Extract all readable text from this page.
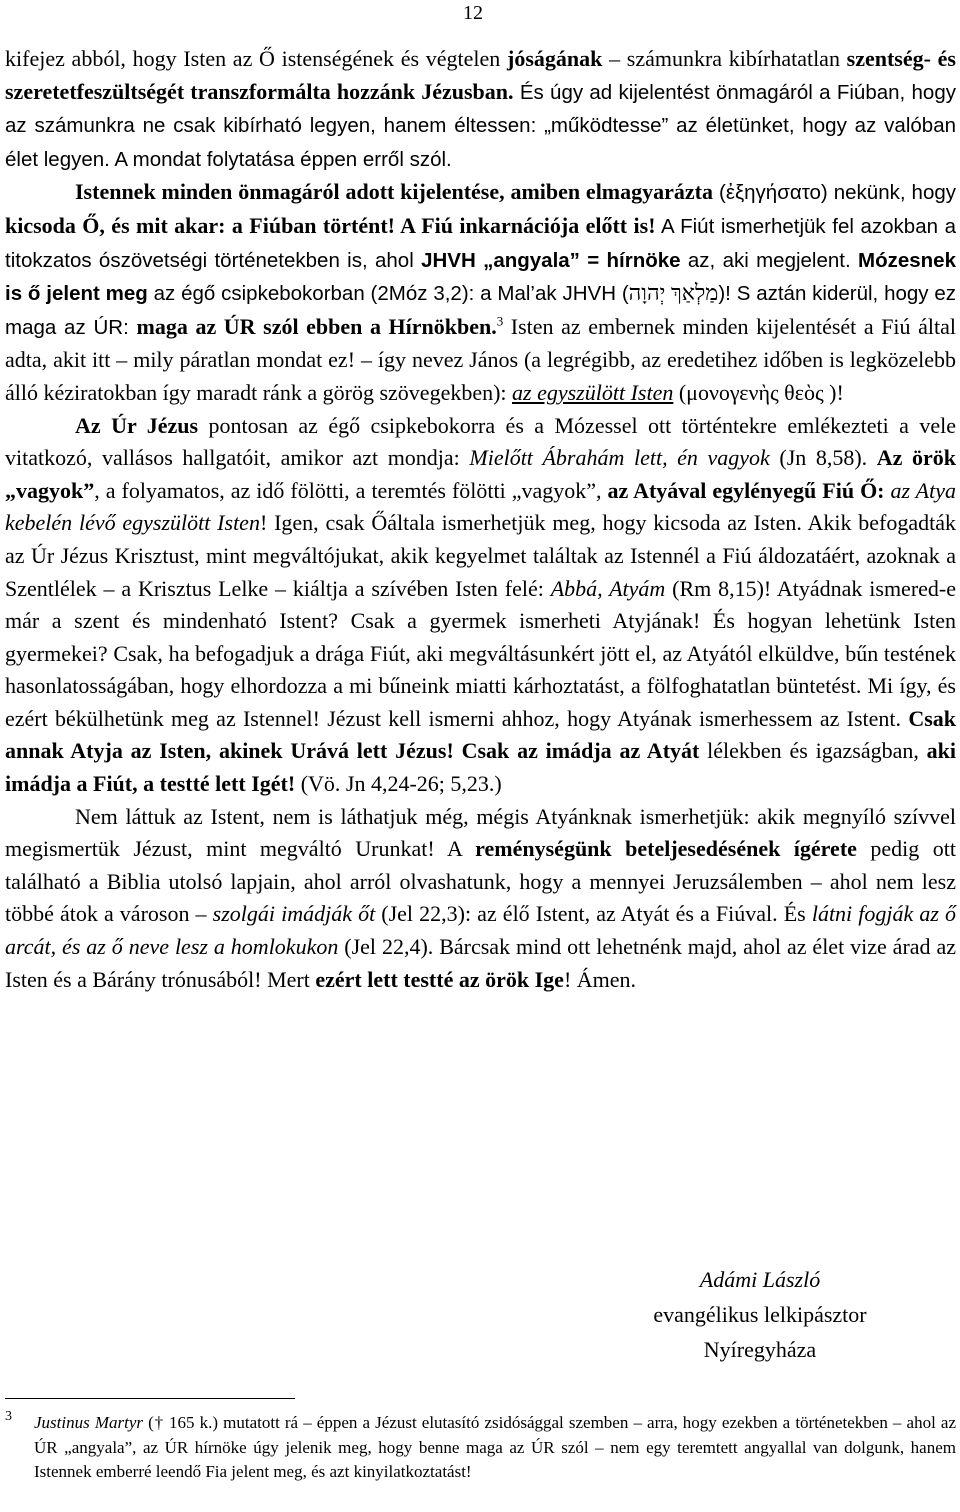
12

kifejez abból, hogy Isten az Ő istenségének és végtelen jóságának – számunkra kibírhatatlan szentség- és szeretetfeszültségét transzformálta hozzánk Jézusban. És úgy ad kijelentést önmagáról a Fiúban, hogy az számunkra ne csak kibírható legyen, hanem éltessen: „működtesse” az életünket, hogy az valóban élet legyen. A mondat folytatása éppen erről szól.

Istennek minden önmagáról adott kijelentése, amiben elmagyarázta (ἐξηγήσατο) nekünk, hogy kicsoda Ő, és mit akar: a Fiúban történt! A Fiú inkarnációja előtt is! A Fiút ismerhetjük fel azokban a titokzatos ószövetségi történetekben is, ahol JHVH „angyala” = hírnöke az, aki megjelent. Mózesnek is ő jelent meg az égő csipkebokorban (2Móz 3,2): a Mal’ak JHVH (מַלְאַךְ יְהוָה)! S aztán kiderül, hogy ez maga az ÚR: maga az ÚR szól ebben a Hírnökben.$^3$ Isten az embernek minden kijelentését a Fiú által adta, akit itt – mily páratlan mondat ez! – így nevez János (a legrégibb, az eredetihez időben is legközelebb álló kéziratokban így maradt ránk a görög szövegekben): az egyszülött Isten (μονογενὴς θεὸς )!

Az Úr Jézus pontosan az égő csipkebokorra és a Mózessel ott történtekre emlékezteti a vele vitatkozó, vallásos hallgatóit, amikor azt mondja: Mielőtt Ábrahám lett, én vagyok (Jn 8,58). Az örök „vagyok”, a folyamatos, az idő fölötti, a teremtés fölötti „vagyok”, az Atyával egylényegű Fiú Ő: az Atya kebelén lévő egyszülött Isten! Igen, csak Őáltala ismerhetjük meg, hogy kicsoda az Isten. Akik befogadták az Úr Jézus Krisztust, mint megváltójukat, akik kegyelmet találtak az Istennél a Fiú áldozatáért, azoknak a Szentlélek – a Krisztus Lelke – kiáltja a szívében Isten felé: Abbá, Atyám (Rm 8,15)! Atyádnak ismered-e már a szent és mindenható Istent? Csak a gyermek ismerheti Atyjának! És hogyan lehetünk Isten gyermekei? Csak, ha befogadjuk a drága Fiút, aki megváltásunkért jött el, az Atyától elküldve, bűn testének hasonlatosságában, hogy elhordozza a mi bűneink miatti kárhoztatást, a fölfoghatatlan büntetést. Mi így, és ezért békülhetünk meg az Istennel! Jézust kell ismerni ahhoz, hogy Atyának ismerhessem az Istent. Csak annak Atyja az Isten, akinek Urává lett Jézus! Csak az imádja az Atyát lélekben és igazságban, aki imádja a Fiút, a testté lett Igét! (Vö. Jn 4,24-26; 5,23.)

Nem láttuk az Istent, nem is láthatjuk még, mégis Atyánknak ismerhetjük: akik megnyíló szívvel megismertük Jézust, mint megváltó Urunkat! A reménységünk beteljesedésének ígérete pedig ott található a Biblia utolsó lapjain, ahol arról olvashatunk, hogy a mennyei Jeruzsálemben – ahol nem lesz többé átok a városon – szolgái imádják őt (Jel 22,3): az élő Istent, az Atyát és a Fiúval. És látni fogják az ő arcát, és az ő neve lesz a homlokukon (Jel 22,4). Bárcsak mind ott lehetnénk majd, ahol az élet vize árad az Isten és a Bárány trónusából! Mert ezért lett testté az örök Ige! Ámen.

Adámi László
evangélikus lelkipásztor
Nyíregyháza
3 Justinus Martyr († 165 k.) mutatott rá – éppen a Jézust elutasító zsidósággal szemben – arra, hogy ezekben a történetekben – ahol az ÚR „angyala”, az ÚR hírnöke úgy jelenik meg, hogy benne maga az ÚR szól – nem egy teremtett angyallal van dolgunk, hanem Istennek emberré leendő Fia jelent meg, és azt kinyilatkoztatást!
